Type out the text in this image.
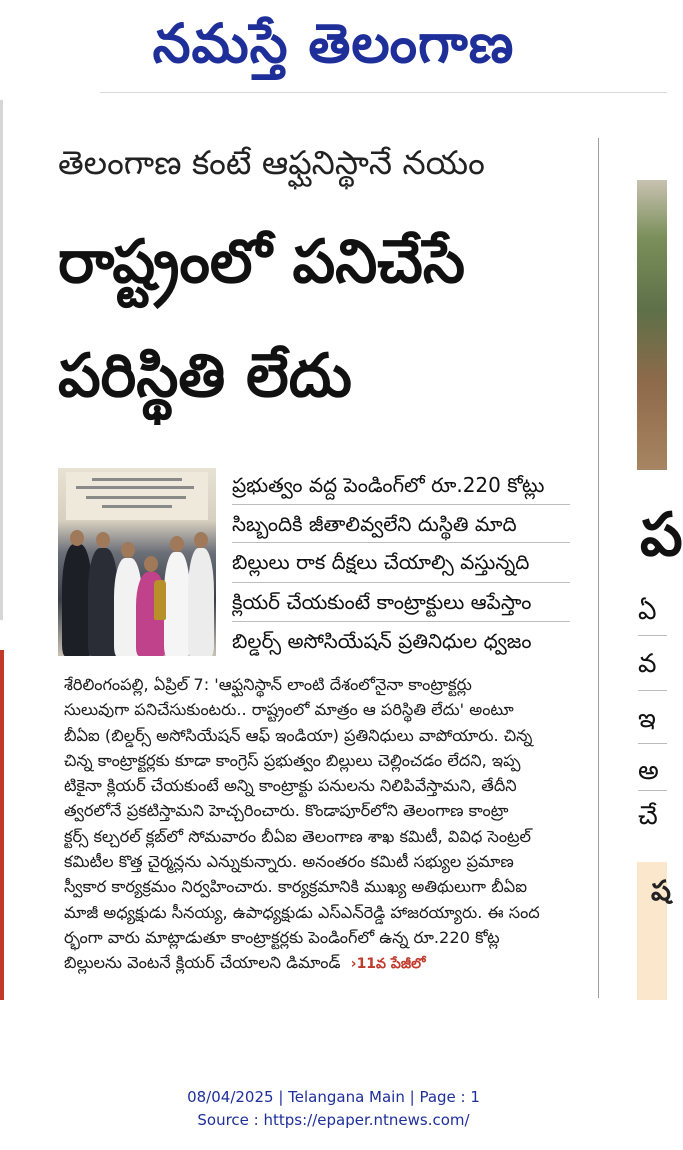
నమస్తే తెలంగాణ
తెలంగాణ కంటే ఆఫ్ఘనిస్థానే నయం
రాష్ట్రంలో పనిచేసే
పరిస్థితి లేదు
ప్రభుత్వం వద్ద పెండింగ్‌లో రూ.220 కోట్లు
సిబ్బందికి జీతాలివ్వలేని దుస్థితి మాది
బిల్లులు రాక దీక్షలు చేయాల్సి వస్తున్నది
క్లియర్ చేయకుంటే కాంట్రాక్టులు ఆపేస్తాం
బిల్డర్స్ అసోసియేషన్ ప్రతినిధుల ధ్వజం
శేరిలింగంపల్లి, ఏప్రిల్ 7: 'ఆఫ్ఘనిస్థాన్ లాంటి దేశంలోనైనా కాంట్రాక్టర్లు
సులువుగా పనిచేసుకుంటరు.. రాష్ట్రంలో మాత్రం ఆ పరిస్థితి లేదు' అంటూ
బీఏఐ (బిల్డర్స్ అసోసియేషన్ ఆఫ్ ఇండియా) ప్రతినిధులు వాపోయారు. చిన్న
చిన్న కాంట్రాక్టర్లకు కూడా కాంగ్రెస్ ప్రభుత్వం బిల్లులు చెల్లించడం లేదని, ఇప్ప
టికైనా క్లియర్ చేయకుంటే అన్ని కాంట్రాక్టు పనులను నిలిపివేస్తామని, తేదీని
త్వరలోనే ప్రకటిస్తామని హెచ్చరించారు. కొండాపూర్‌లోని తెలంగాణ కాంట్రా
క్టర్స్ కల్చరల్ క్లబ్‌లో సోమవారం బీఏఐ తెలంగాణ శాఖ కమిటీ, వివిధ సెంట్రల్
కమిటీల కొత్త చైర్మన్లను ఎన్నుకున్నారు. అనంతరం కమిటీ సభ్యుల ప్రమాణ
స్వీకార కార్యక్రమం నిర్వహించారు. కార్యక్రమానికి ముఖ్య అతిథులుగా బీఏఐ
మాజీ అధ్యక్షుడు సీనయ్య, ఉపాధ్యక్షుడు ఎస్‌ఎన్‌రెడ్డి హాజరయ్యారు. ఈ సంద
ర్భంగా వారు మాట్లాడుతూ కాంట్రాక్టర్లకు పెండింగ్‌లో ఉన్న రూ.220 కోట్ల
బిల్లులను వెంటనే క్లియర్ చేయాలని డిమాండ్ ›11వ పేజీలో
ప
ఏ
వ
ఇ
అ
చే
ష
08/04/2025 | Telangana Main | Page : 1
Source : https://epaper.ntnews.com/
